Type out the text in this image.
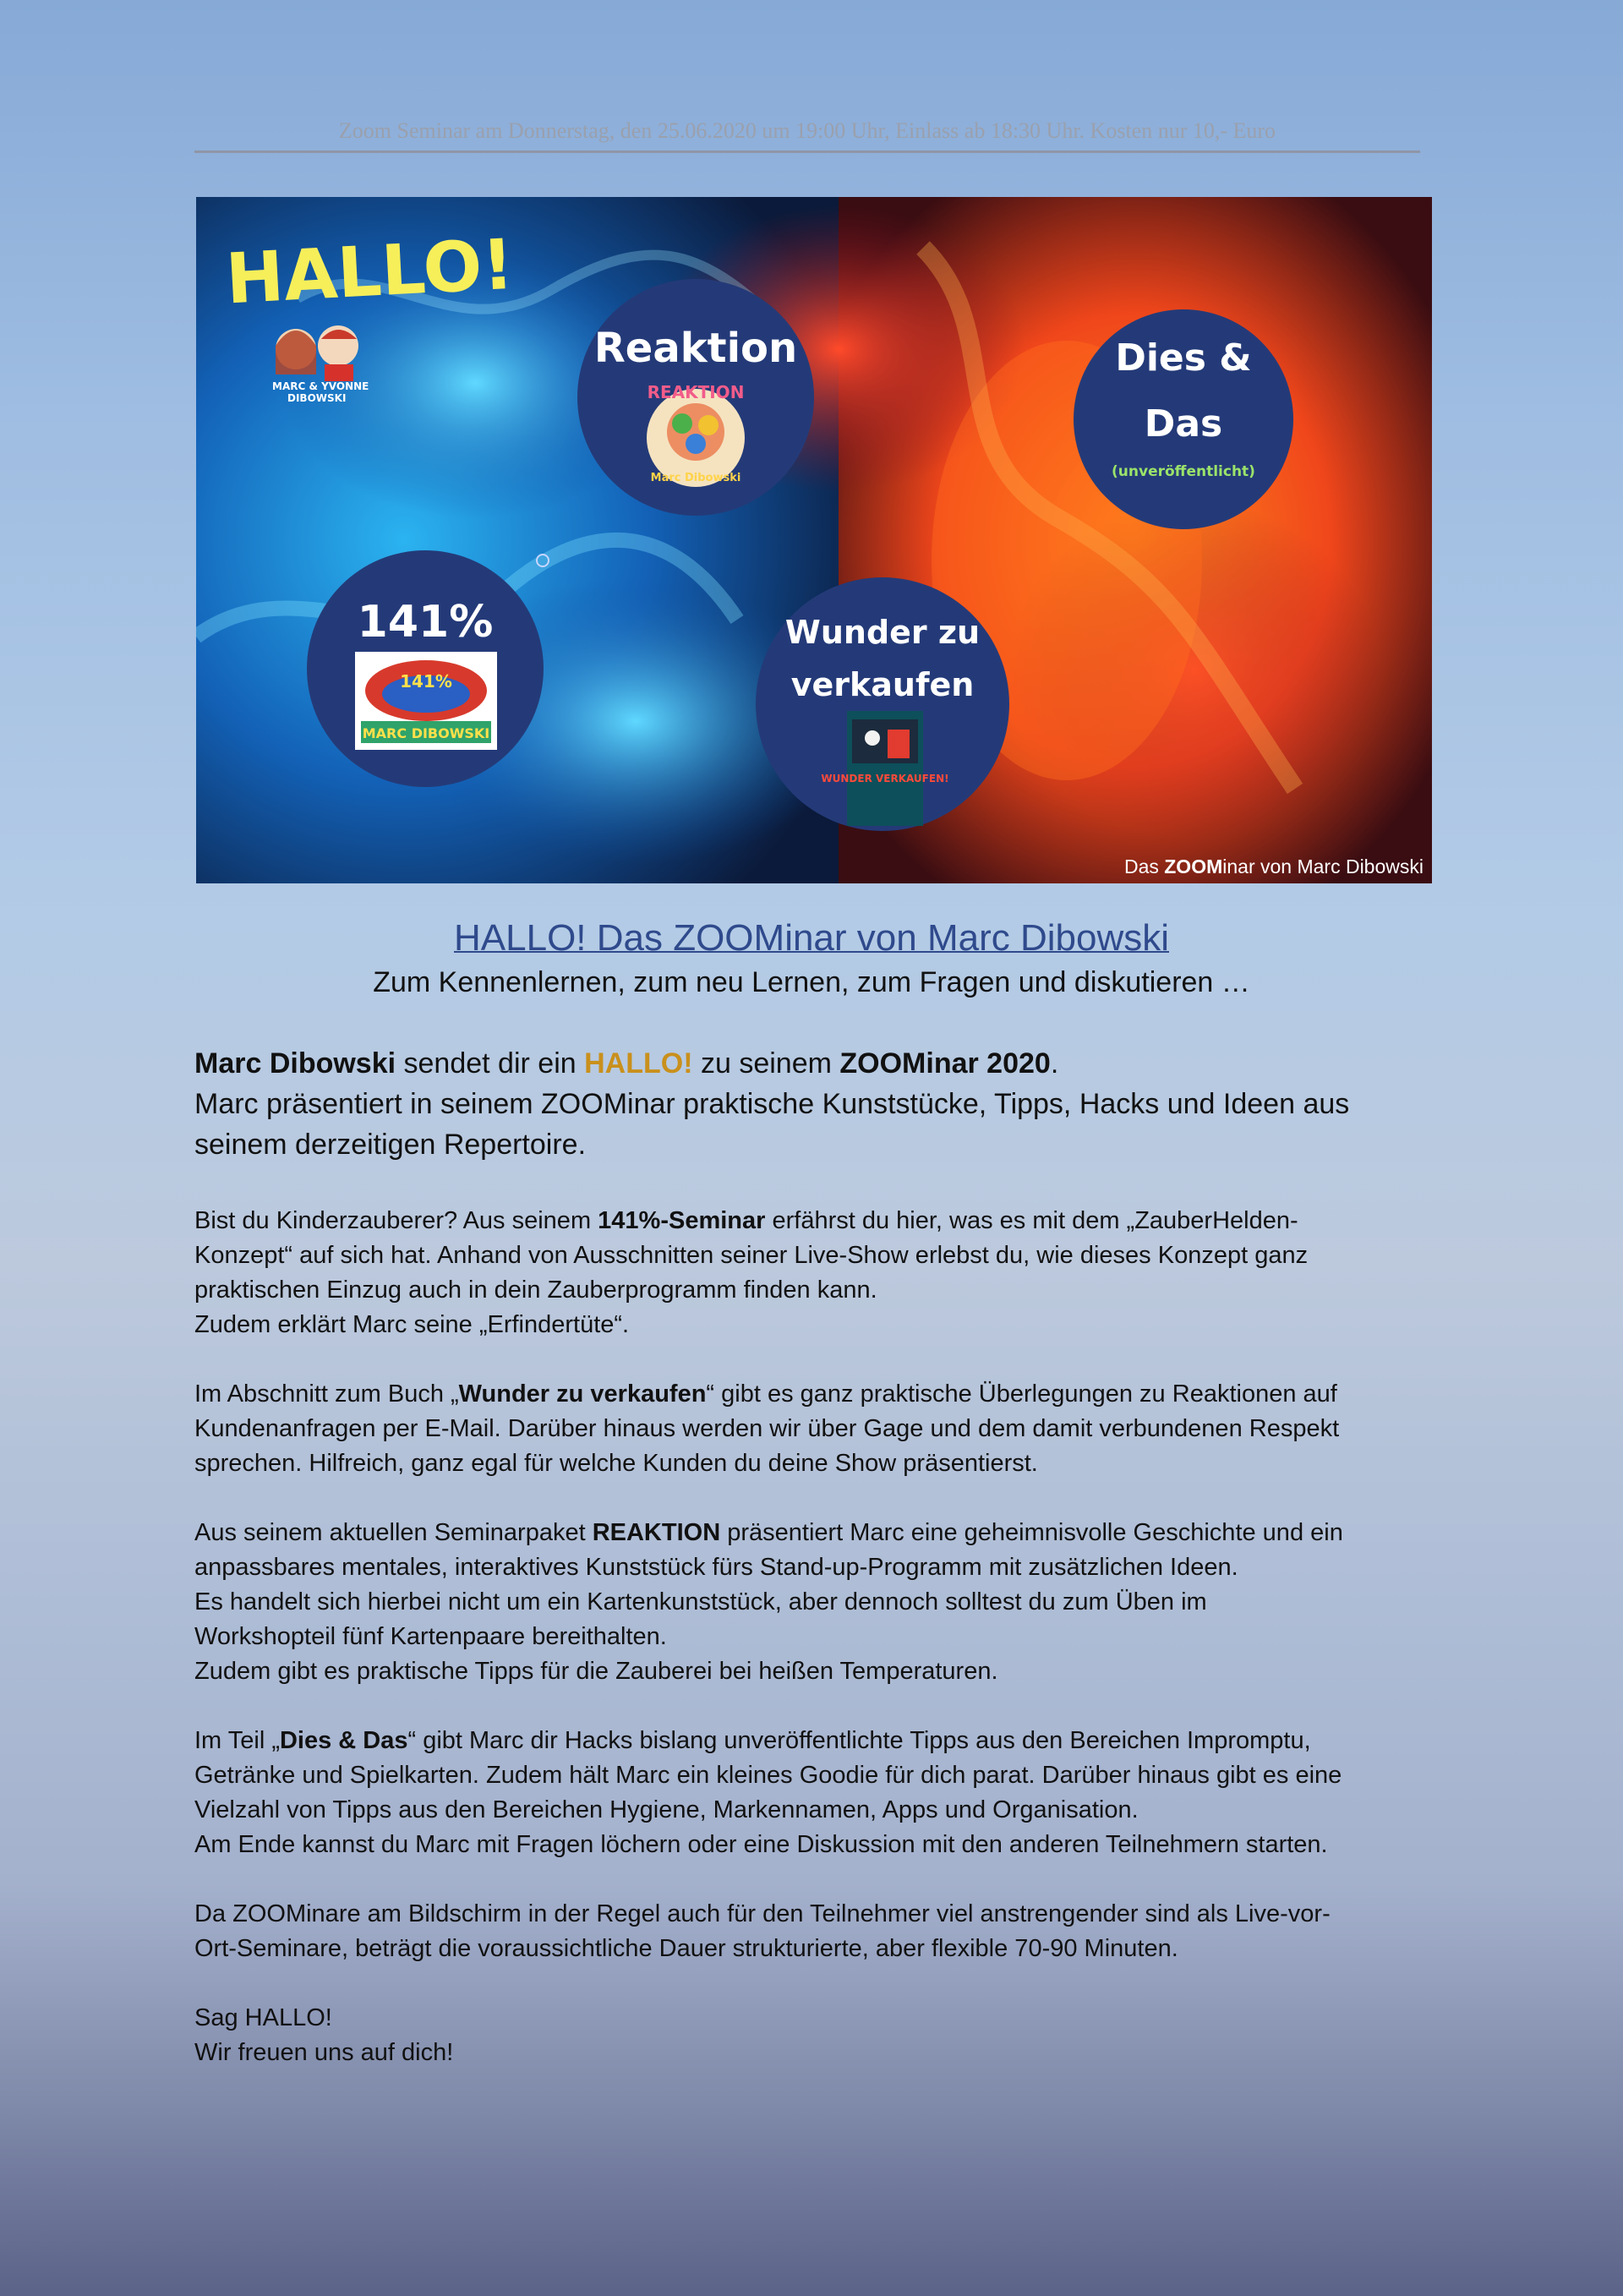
Zoom Seminar am Donnerstag, den 25.06.2020 um 19:00 Uhr, Einlass ab 18:30 Uhr. Kosten nur 10,- Euro
HALLO!
MARC & YVONNE
DIBOWSKI
Reaktion
REAKTION
Marc Dibowski
Dies &
Das
(unveröffentlicht)
141%
141%
MARC DIBOWSKI
Wunder zu
verkaufen
WUNDER VERKAUFEN!
Das ZOOMinar von Marc Dibowski
HALLO! Das ZOOMinar von Marc Dibowski
Zum Kennenlernen, zum neu Lernen, zum Fragen und diskutieren …
Marc Dibowski sendet dir ein HALLO! zu seinem ZOOMinar 2020.
Marc präsentiert in seinem ZOOMinar praktische Kunststücke, Tipps, Hacks und Ideen aus
seinem derzeitigen Repertoire.

Bist du Kinderzauberer? Aus seinem 141%-Seminar erfährst du hier, was es mit dem „ZauberHelden-
Konzept“ auf sich hat. Anhand von Ausschnitten seiner Live-Show erlebst du, wie dieses Konzept ganz
praktischen Einzug auch in dein Zauberprogramm finden kann.
Zudem erklärt Marc seine „Erfindertüte“.

Im Abschnitt zum Buch „Wunder zu verkaufen“ gibt es ganz praktische Überlegungen zu Reaktionen auf
Kundenanfragen per E-Mail. Darüber hinaus werden wir über Gage und dem damit verbundenen Respekt
sprechen. Hilfreich, ganz egal für welche Kunden du deine Show präsentierst.

Aus seinem aktuellen Seminarpaket REAKTION präsentiert Marc eine geheimnisvolle Geschichte und ein
anpassbares mentales, interaktives Kunststück fürs Stand-up-Programm mit zusätzlichen Ideen.
Es handelt sich hierbei nicht um ein Kartenkunststück, aber dennoch solltest du zum Üben im
Workshopteil fünf Kartenpaare bereithalten.
Zudem gibt es praktische Tipps für die Zauberei bei heißen Temperaturen.

Im Teil „Dies & Das“ gibt Marc dir Hacks bislang unveröffentlichte Tipps aus den Bereichen Impromptu,
Getränke und Spielkarten. Zudem hält Marc ein kleines Goodie für dich parat. Darüber hinaus gibt es eine
Vielzahl von Tipps aus den Bereichen Hygiene, Markennamen, Apps und Organisation.
Am Ende kannst du Marc mit Fragen löchern oder eine Diskussion mit den anderen Teilnehmern starten.

Da ZOOMinare am Bildschirm in der Regel auch für den Teilnehmer viel anstrengender sind als Live-vor-
Ort-Seminare, beträgt die voraussichtliche Dauer strukturierte, aber flexible 70-90 Minuten.

Sag HALLO!
Wir freuen uns auf dich!
